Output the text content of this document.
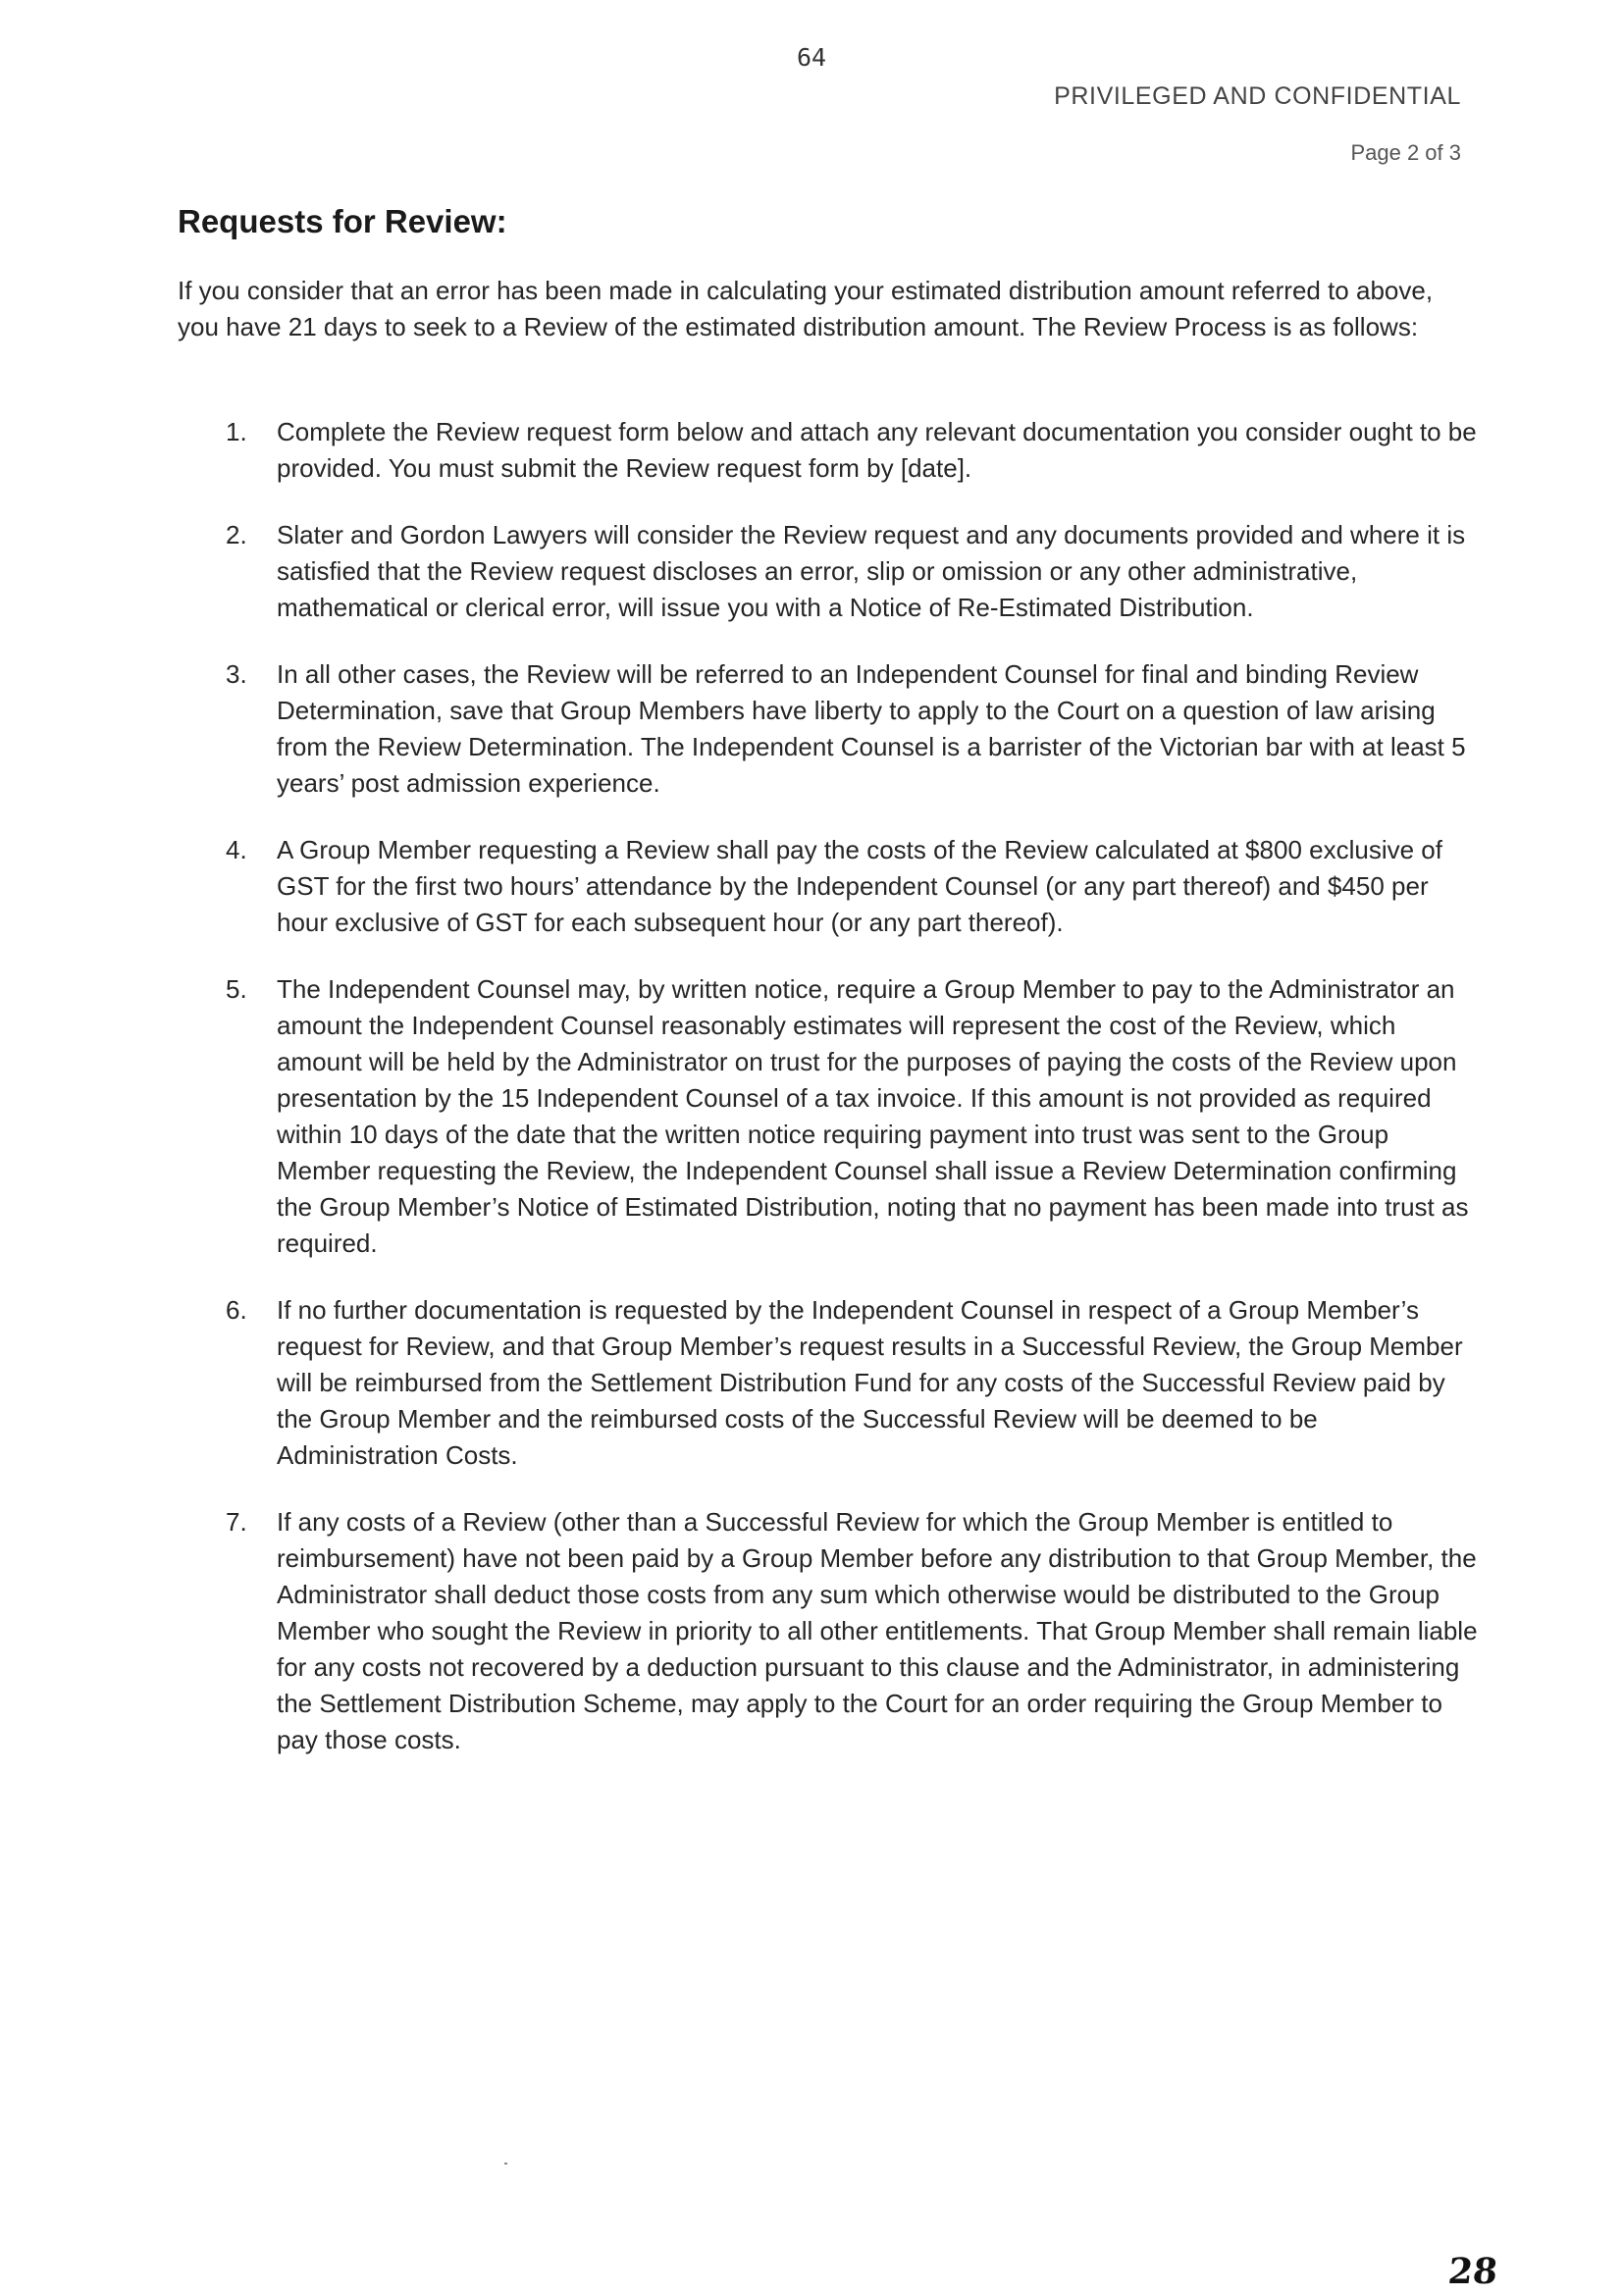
64
PRIVILEGED AND CONFIDENTIAL
Page 2 of 3
Requests for Review:

If you consider that an error has been made in calculating your estimated distribution amount referred to above, you have 21 days to seek to a Review of the estimated distribution amount. The Review Process is as follows:

1. Complete the Review request form below and attach any relevant documentation you consider ought to be provided. You must submit the Review request form by [date].
2. Slater and Gordon Lawyers will consider the Review request and any documents provided and where it is satisfied that the Review request discloses an error, slip or omission or any other administrative, mathematical or clerical error, will issue you with a Notice of Re-Estimated Distribution.
3. In all other cases, the Review will be referred to an Independent Counsel for final and binding Review Determination, save that Group Members have liberty to apply to the Court on a question of law arising from the Review Determination. The Independent Counsel is a barrister of the Victorian bar with at least 5 years’ post admission experience.
4. A Group Member requesting a Review shall pay the costs of the Review calculated at $800 exclusive of GST for the first two hours’ attendance by the Independent Counsel (or any part thereof) and $450 per hour exclusive of GST for each subsequent hour (or any part thereof).
5. The Independent Counsel may, by written notice, require a Group Member to pay to the Administrator an amount the Independent Counsel reasonably estimates will represent the cost of the Review, which amount will be held by the Administrator on trust for the purposes of paying the costs of the Review upon presentation by the 15 Independent Counsel of a tax invoice. If this amount is not provided as required within 10 days of the date that the written notice requiring payment into trust was sent to the Group Member requesting the Review, the Independent Counsel shall issue a Review Determination confirming the Group Member’s Notice of Estimated Distribution, noting that no payment has been made into trust as required.
6. If no further documentation is requested by the Independent Counsel in respect of a Group Member’s request for Review, and that Group Member’s request results in a Successful Review, the Group Member will be reimbursed from the Settlement Distribution Fund for any costs of the Successful Review paid by the Group Member and the reimbursed costs of the Successful Review will be deemed to be Administration Costs.
7. If any costs of a Review (other than a Successful Review for which the Group Member is entitled to reimbursement) have not been paid by a Group Member before any distribution to that Group Member, the Administrator shall deduct those costs from any sum which otherwise would be distributed to the Group Member who sought the Review in priority to all other entitlements. That Group Member shall remain liable for any costs not recovered by a deduction pursuant to this clause and the Administrator, in administering the Settlement Distribution Scheme, may apply to the Court for an order requiring the Group Member to pay those costs.
28
